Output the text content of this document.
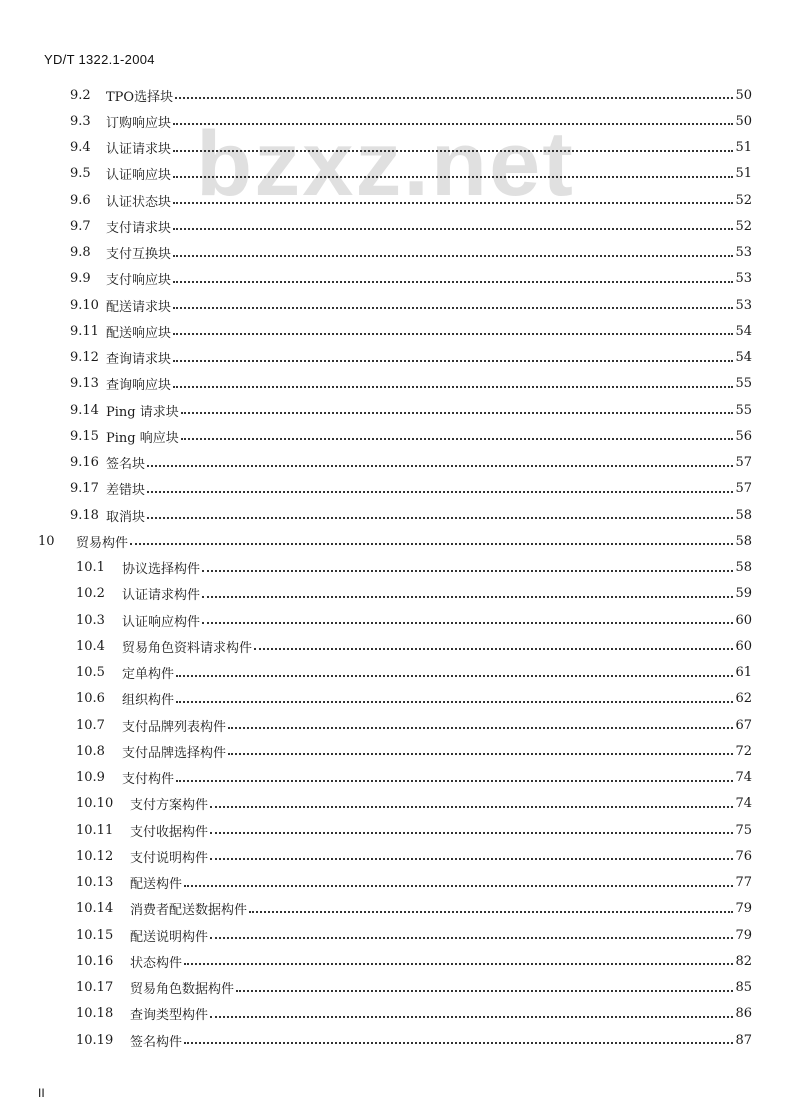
YD/T 1322.1-2004
bzxz.net
9.2	TPO选择块	50
9.3	订购响应块	50
9.4	认证请求块	51
9.5	认证响应块	51
9.6	认证状态块	52
9.7	支付请求块	52
9.8	支付互换块	53
9.9	支付响应块	53
9.10 配送请求块	53
9.11 配送响应块	54
9.12 查询请求块	54
9.13 查询响应块	55
9.14 Ping 请求块	55
9.15 Ping 响应块	56
9.16 签名块	57
9.17 差错块	57
9.18 取消块	58
10	贸易构件	58
10.1	协议选择构件	58
10.2	认证请求构件	59
10.3	认证响应构件	60
10.4	贸易角色资料请求构件	60
10.5	定单构件	61
10.6	组织构件	62
10.7	支付品牌列表构件	67
10.8	支付品牌选择构件	72
10.9	支付构件	74
10.10	支付方案构件	74
10.11	支付收据构件	75
10.12	支付说明构件	76
10.13	配送构件	77
10.14	消费者配送数据构件	79
10.15	配送说明构件	79
10.16	状态构件	82
10.17	贸易角色数据构件	85
10.18	查询类型构件	86
10.19	签名构件	87
II
